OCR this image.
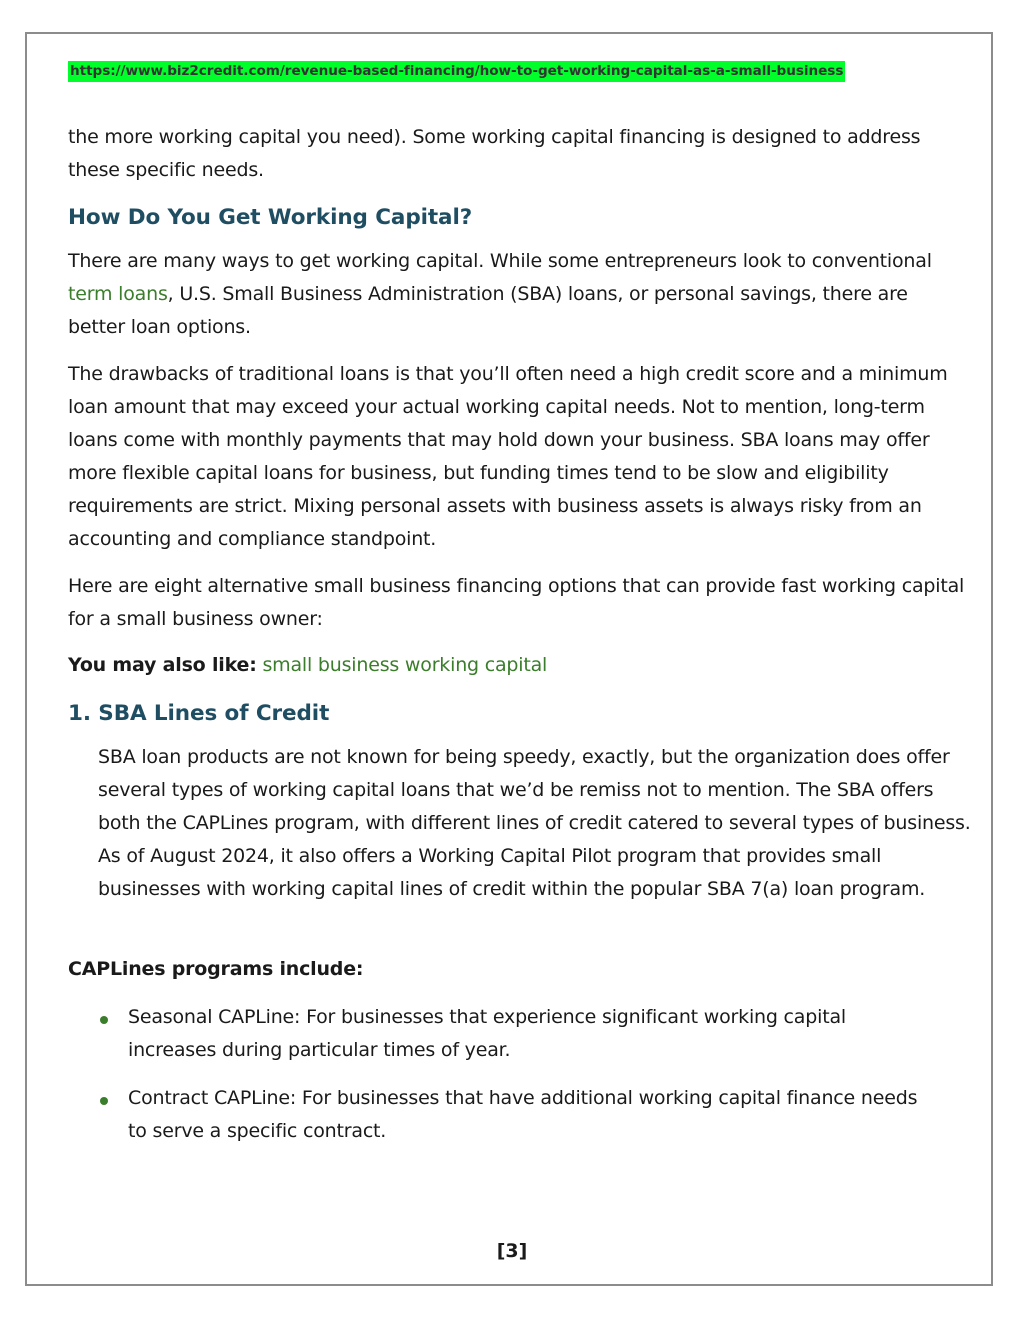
https://www.biz2credit.com/revenue-based-financing/how-to-get-working-capital-as-a-small-business

the more working capital you need). Some working capital financing is designed to address
these specific needs.

How Do You Get Working Capital?

There are many ways to get working capital. While some entrepreneurs look to conventional term loans, U.S. Small Business Administration (SBA) loans, or personal savings, there are better loan options.

The drawbacks of traditional loans is that you’ll often need a high credit score and a minimum loan amount that may exceed your actual working capital needs. Not to mention, long-term loans come with monthly payments that may hold down your business. SBA loans may offer more flexible capital loans for business, but funding times tend to be slow and eligibility requirements are strict. Mixing personal assets with business assets is always risky from an accounting and compliance standpoint.

Here are eight alternative small business financing options that can provide fast working capital for a small business owner:

You may also like: small business working capital

1. SBA Lines of Credit

SBA loan products are not known for being speedy, exactly, but the organization does offer several types of working capital loans that we’d be remiss not to mention. The SBA offers both the CAPLines program, with different lines of credit catered to several types of business. As of August 2024, it also offers a Working Capital Pilot program that provides small businesses with working capital lines of credit within the popular SBA 7(a) loan program.

CAPLines programs include:

Seasonal CAPLine: For businesses that experience significant working capital increases during particular times of year.
Contract CAPLine: For businesses that have additional working capital finance needs to serve a specific contract.
[3]
